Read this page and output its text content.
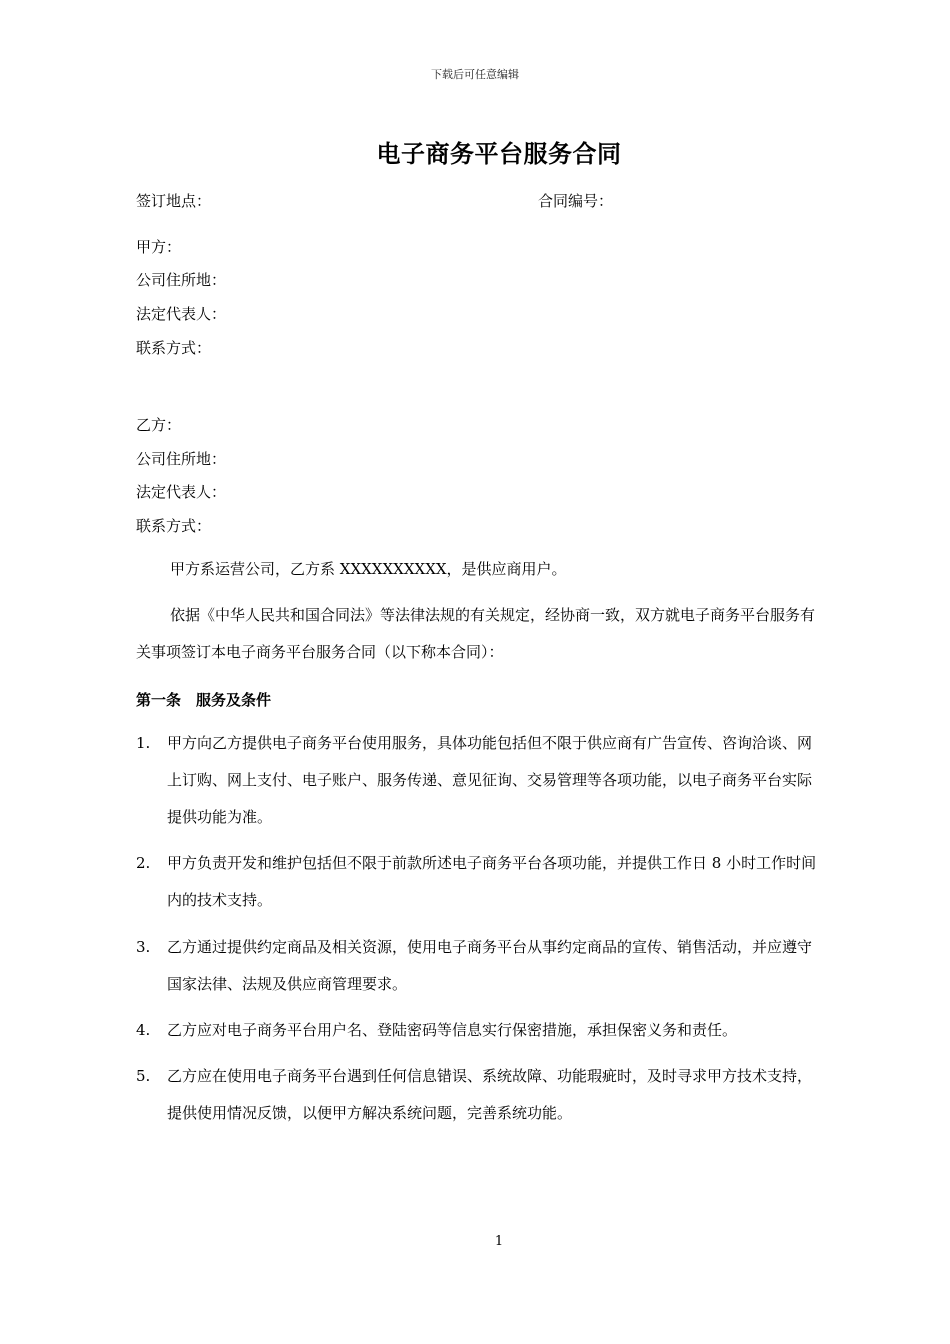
下载后可任意编辑
电子商务平台服务合同
签订地点：	合同编号：
甲方：
公司住所地：
法定代表人：
联系方式：
乙方：
公司住所地：
法定代表人：
联系方式：
甲方系运营公司，乙方系 XXXXXXXXXX，是供应商用户。
依据《中华人民共和国合同法》等法律法规的有关规定，经协商一致，双方就电子商务平台服务有关事项签订本电子商务平台服务合同（以下称本合同）：
第一条　服务及条件
1. 甲方向乙方提供电子商务平台使用服务，具体功能包括但不限于供应商有广告宣传、咨询洽谈、网上订购、网上支付、电子账户、服务传递、意见征询、交易管理等各项功能，以电子商务平台实际提供功能为准。
2. 甲方负责开发和维护包括但不限于前款所述电子商务平台各项功能，并提供工作日 8 小时工作时间内的技术支持。
3. 乙方通过提供约定商品及相关资源，使用电子商务平台从事约定商品的宣传、销售活动，并应遵守国家法律、法规及供应商管理要求。
4. 乙方应对电子商务平台用户名、登陆密码等信息实行保密措施，承担保密义务和责任。
5. 乙方应在使用电子商务平台遇到任何信息错误、系统故障、功能瑕疵时，及时寻求甲方技术支持，提供使用情况反馈，以便甲方解决系统问题，完善系统功能。
1
